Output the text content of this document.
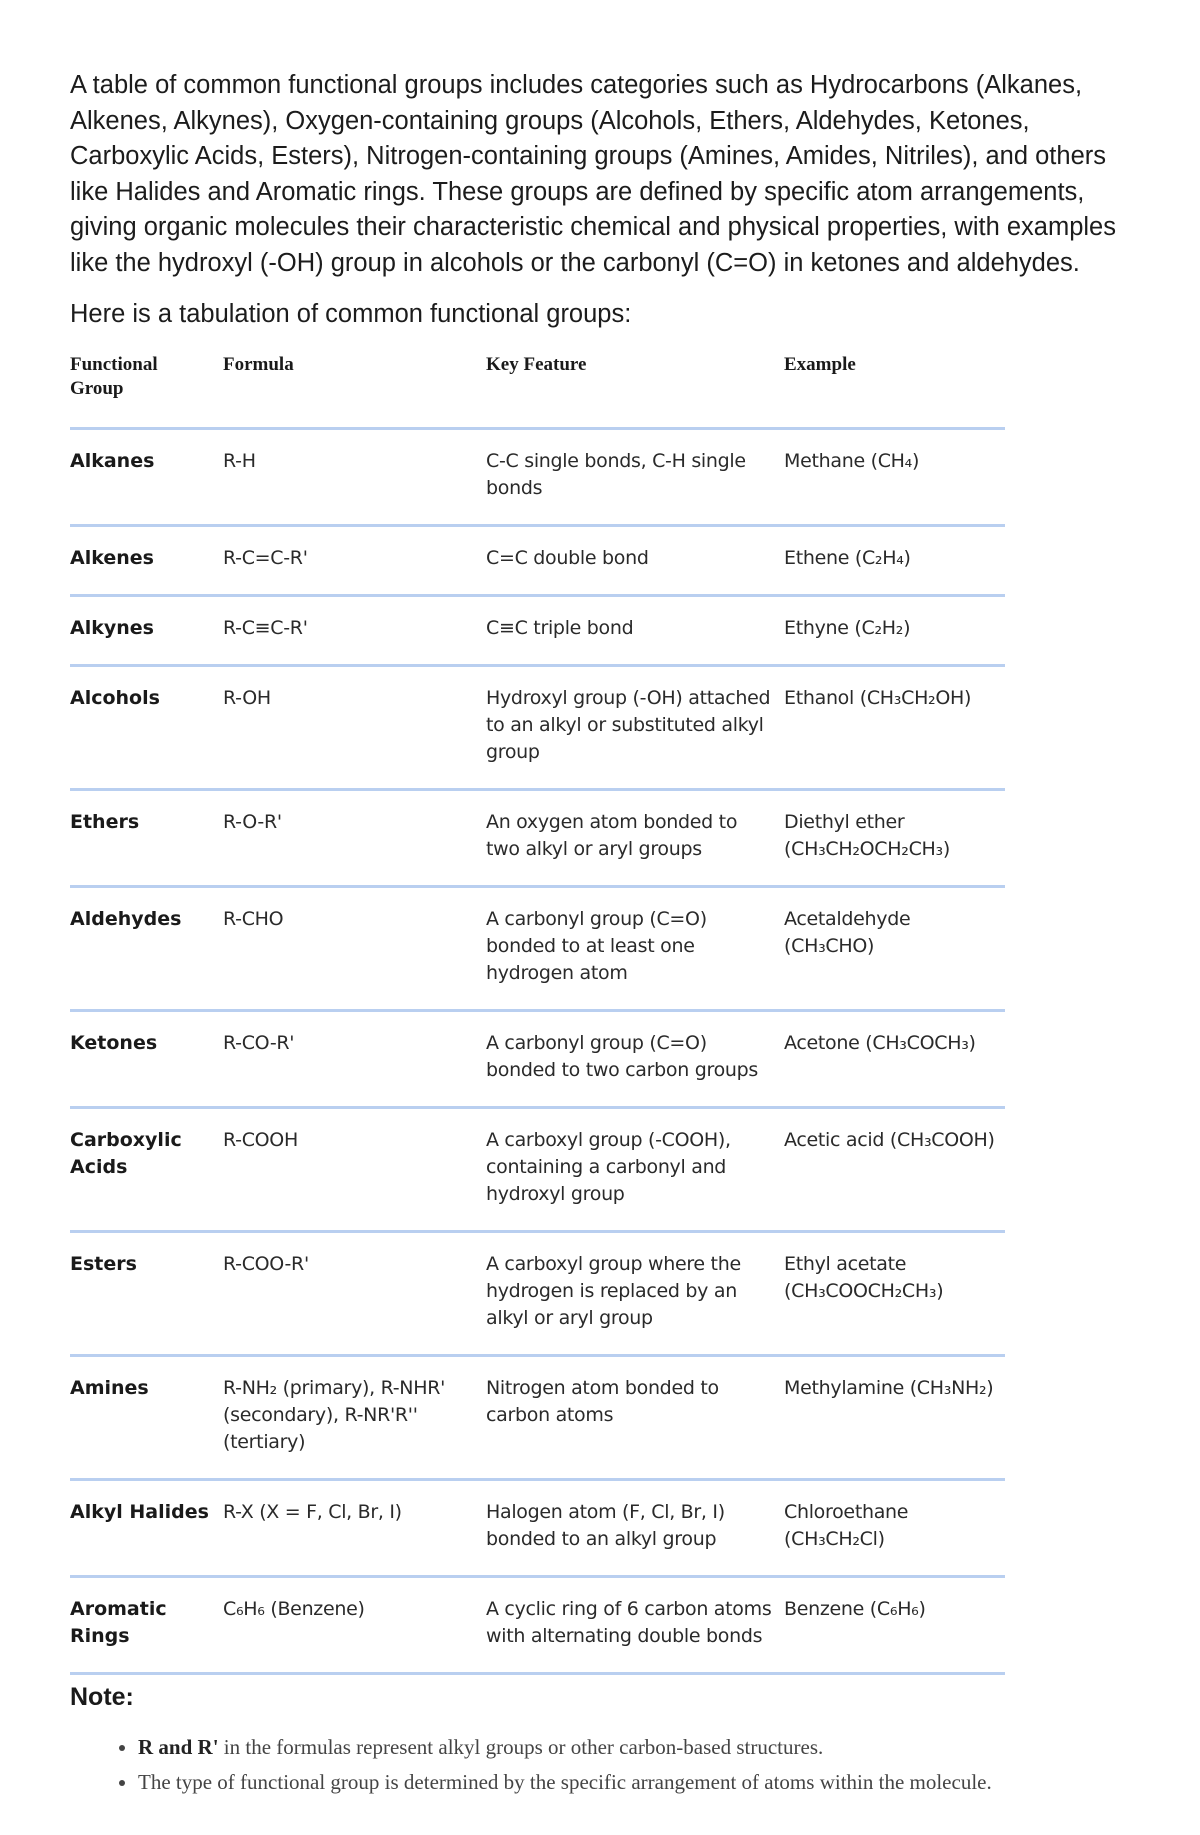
A table of common functional groups includes categories such as Hydrocarbons (Alkanes, Alkenes, Alkynes), Oxygen-containing groups (Alcohols, Ethers, Aldehydes, Ketones, Carboxylic Acids, Esters), Nitrogen-containing groups (Amines, Amides, Nitriles), and others like Halides and Aromatic rings. These groups are defined by specific atom arrangements, giving organic molecules their characteristic chemical and physical properties, with examples like the hydroxyl (-OH) group in alcohols or the carbonyl (C=O) in ketones and aldehydes.

Here is a tabulation of common functional groups:

Functional Group	Formula	Key Feature	Example
Alkanes	R-H	C-C single bonds, C-H single bonds	Methane (CH₄)
Alkenes	R-C=C-R'	C=C double bond	Ethene (C₂H₄)
Alkynes	R-C≡C-R'	C≡C triple bond	Ethyne (C₂H₂)
Alcohols	R-OH	Hydroxyl group (-OH) attached to an alkyl or substituted alkyl group	Ethanol (CH₃CH₂OH)
Ethers	R-O-R'	An oxygen atom bonded to two alkyl or aryl groups	Diethyl ether (CH₃CH₂OCH₂CH₃)
Aldehydes	R-CHO	A carbonyl group (C=O) bonded to at least one hydrogen atom	Acetaldehyde (CH₃CHO)
Ketones	R-CO-R'	A carbonyl group (C=O) bonded to two carbon groups	Acetone (CH₃COCH₃)
Carboxylic Acids	R-COOH	A carboxyl group (-COOH), containing a carbonyl and hydroxyl group	Acetic acid (CH₃COOH)
Esters	R-COO-R'	A carboxyl group where the hydrogen is replaced by an alkyl or aryl group	Ethyl acetate (CH₃COOCH₂CH₃)
Amines	R-NH₂ (primary), R-NHR' (secondary), R-NR'R'' (tertiary)	Nitrogen atom bonded to carbon atoms	Methylamine (CH₃NH₂)
Alkyl Halides	R-X (X = F, Cl, Br, I)	Halogen atom (F, Cl, Br, I) bonded to an alkyl group	Chloroethane (CH₃CH₂Cl)
Aromatic Rings	C₆H₆ (Benzene)	A cyclic ring of 6 carbon atoms with alternating double bonds	Benzene (C₆H₆)
Note:
• R and R' in the formulas represent alkyl groups or other carbon-based structures.
• The type of functional group is determined by the specific arrangement of atoms within the molecule.
